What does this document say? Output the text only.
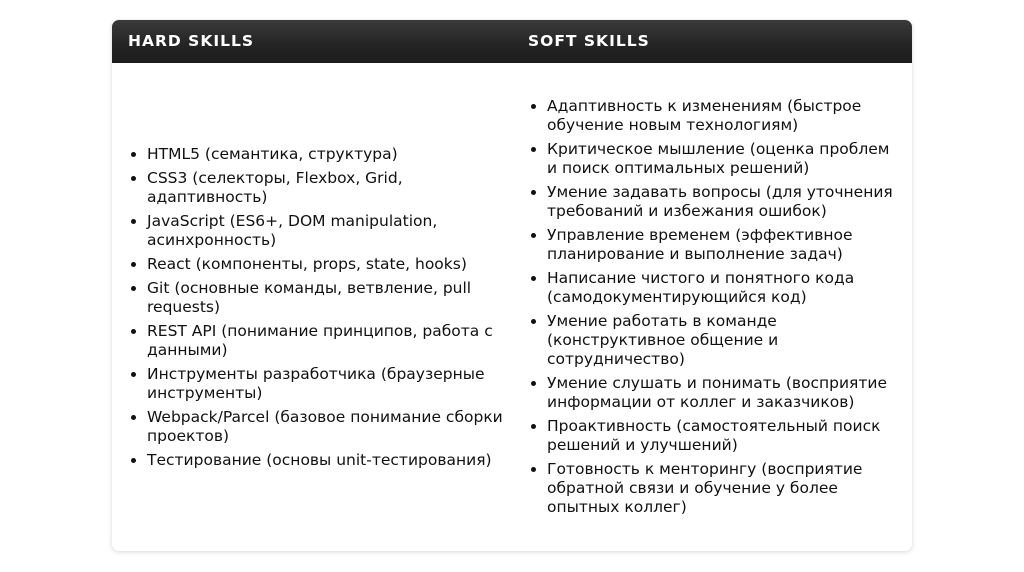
HARD SKILLS	SOFT SKILLS
HTML5 (семантика, структура)
CSS3 (селекторы, Flexbox, Grid, адаптивность)
JavaScript (ES6+, DOM manipulation, асинхронность)
React (компоненты, props, state, hooks)
Git (основные команды, ветвление, pull requests)
REST API (понимание принципов, работа с данными)
Инструменты разработчика (браузерные инструменты)
Webpack/Parcel (базовое понимание сборки проектов)
Тестирование (основы unit-тестирования)
Адаптивность к изменениям (быстрое обучение новым технологиям)
Критическое мышление (оценка проблем и поиск оптимальных решений)
Умение задавать вопросы (для уточнения требований и избежания ошибок)
Управление временем (эффективное планирование и выполнение задач)
Написание чистого и понятного кода (самодокументирующийся код)
Умение работать в команде (конструктивное общение и сотрудничество)
Умение слушать и понимать (восприятие информации от коллег и заказчиков)
Проактивность (самостоятельный поиск решений и улучшений)
Готовность к менторингу (восприятие обратной связи и обучение у более опытных коллег)
